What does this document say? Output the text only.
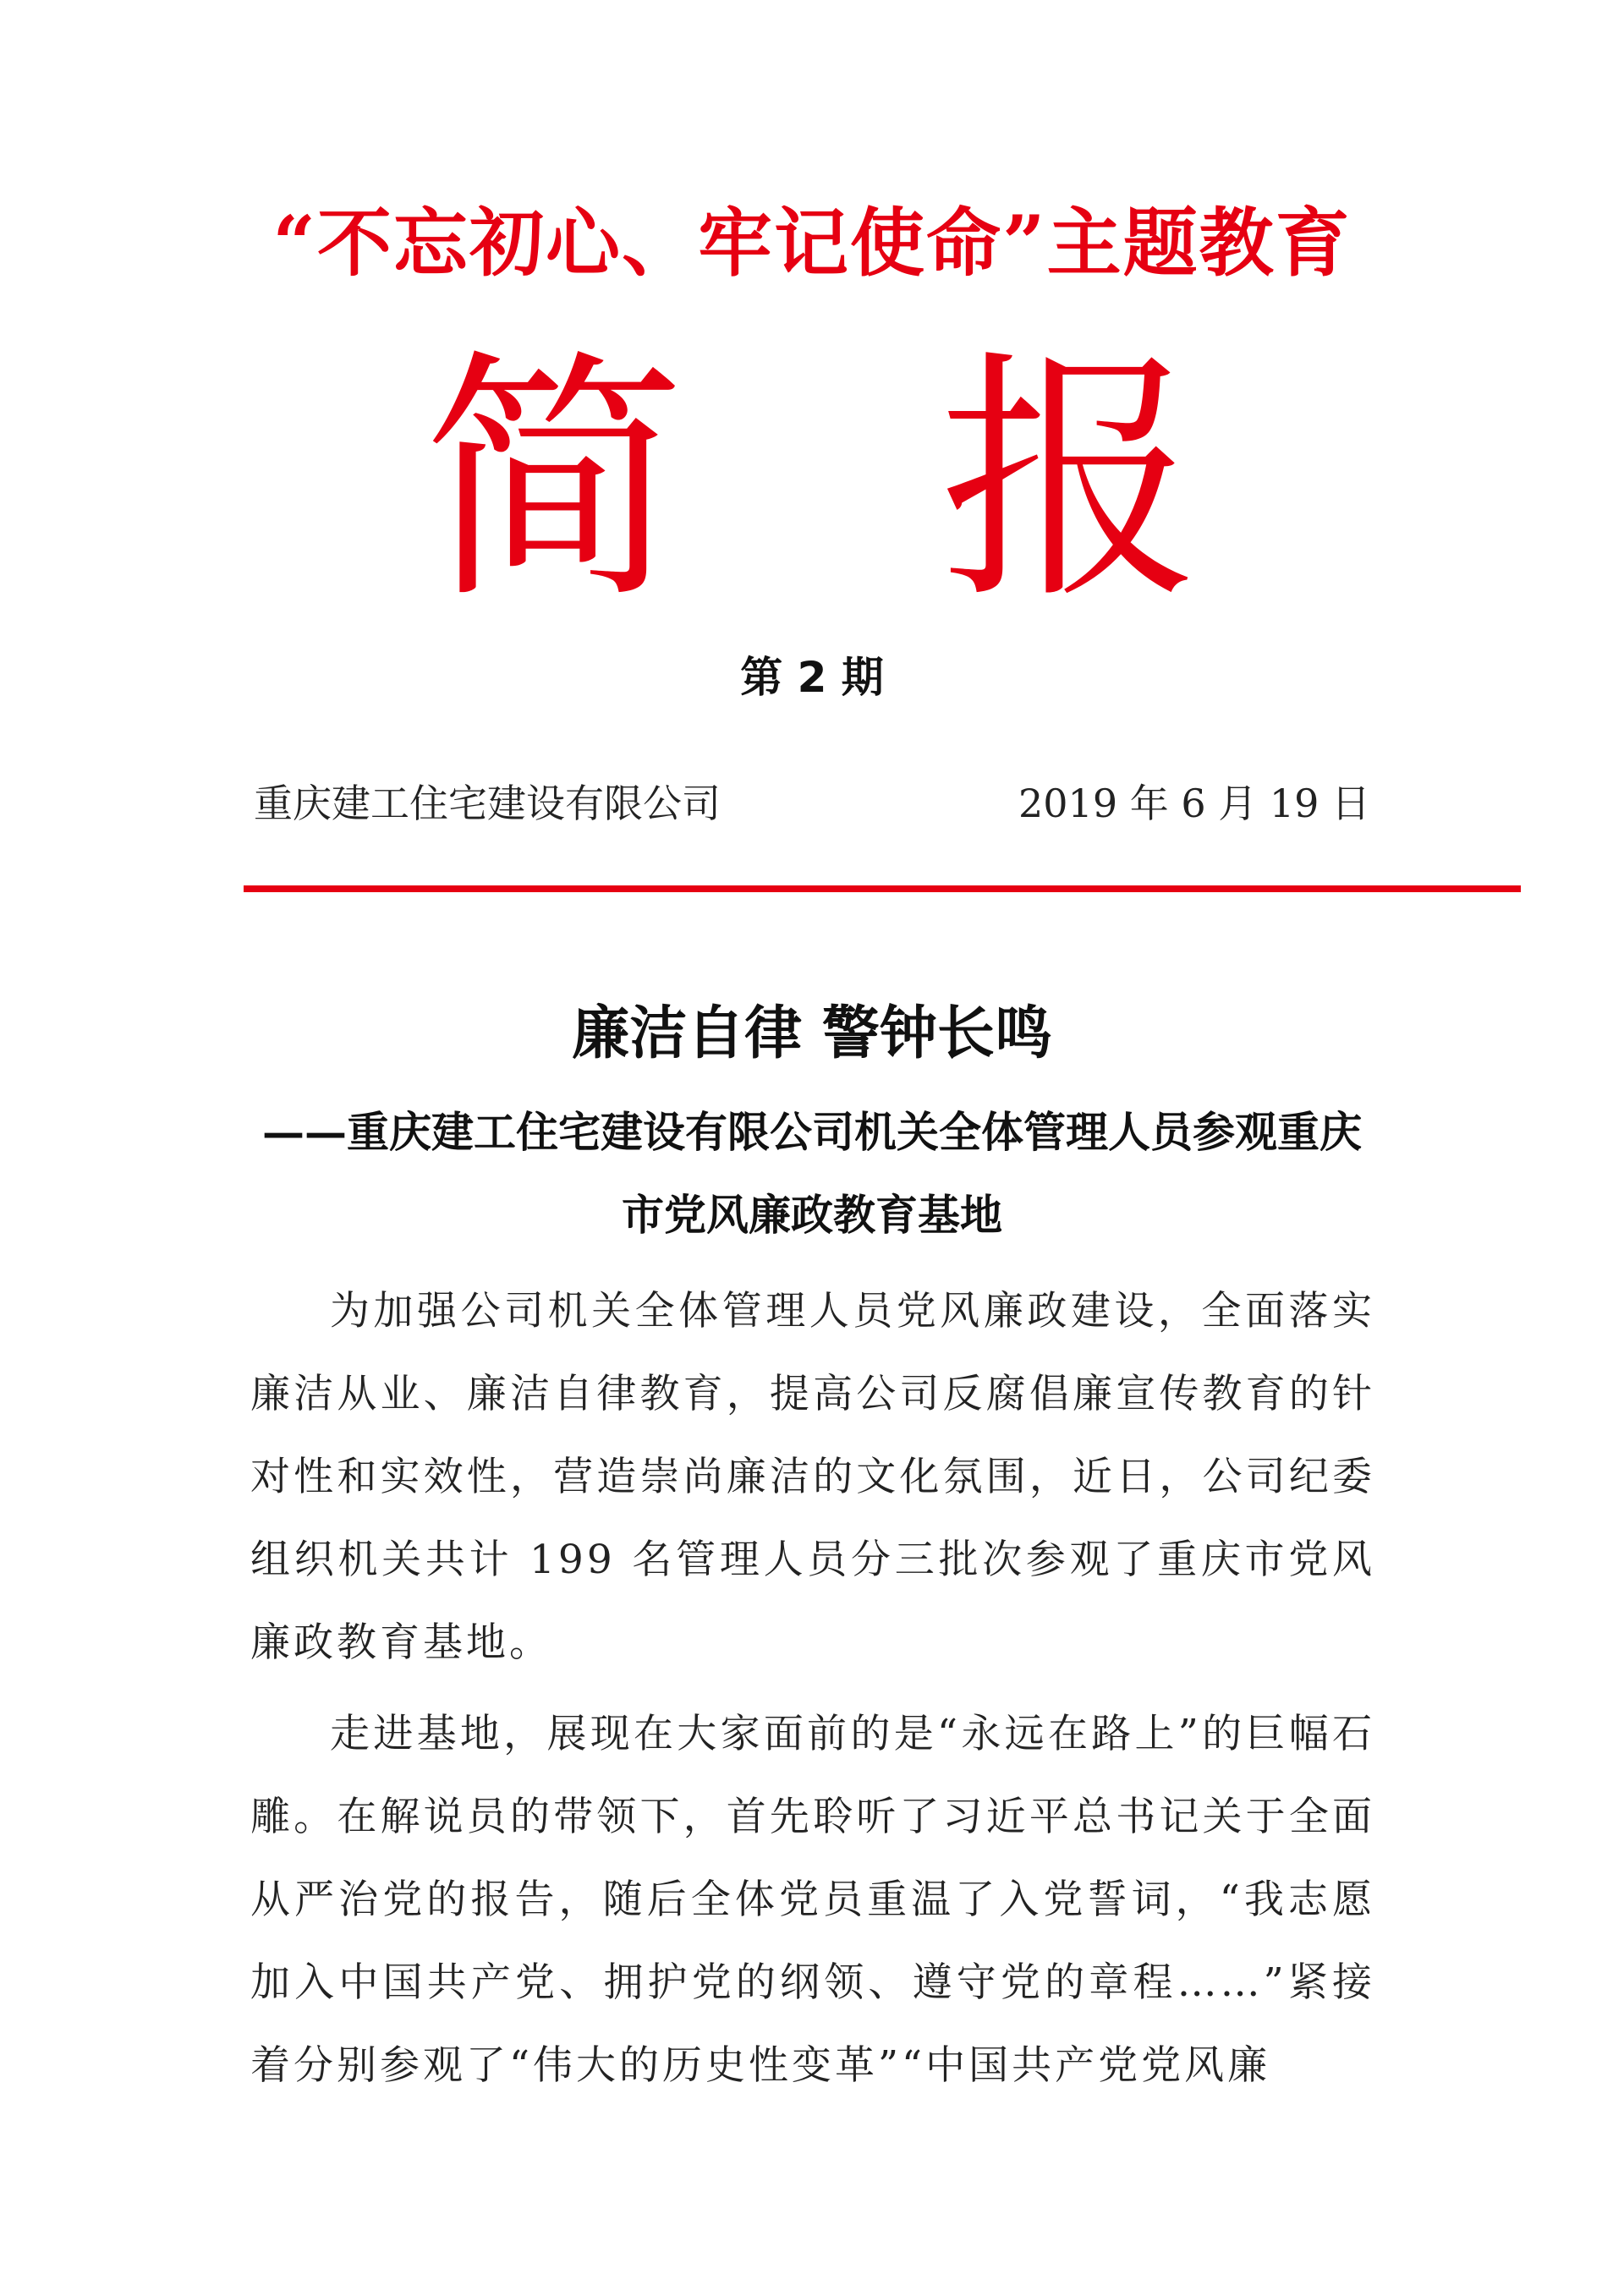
“不忘初心、牢记使命”主题教育
简 报
第 2 期
重庆建工住宅建设有限公司	2019 年 6 月 19 日
廉洁自律 警钟长鸣
——重庆建工住宅建设有限公司机关全体管理人员参观重庆市党风廉政教育基地

为加强公司机关全体管理人员党风廉政建设，全面落实廉洁从业、廉洁自律教育，提高公司反腐倡廉宣传教育的针对性和实效性，营造崇尚廉洁的文化氛围，近日，公司纪委组织机关共计 199 名管理人员分三批次参观了重庆市党风廉政教育基地。

走进基地，展现在大家面前的是“永远在路上”的巨幅石雕。在解说员的带领下，首先聆听了习近平总书记关于全面从严治党的报告，随后全体党员重温了入党誓词，“我志愿加入中国共产党、拥护党的纲领、遵守党的章程……”紧接着分别参观了“伟大的历史性变革”“中国共产党党风廉
